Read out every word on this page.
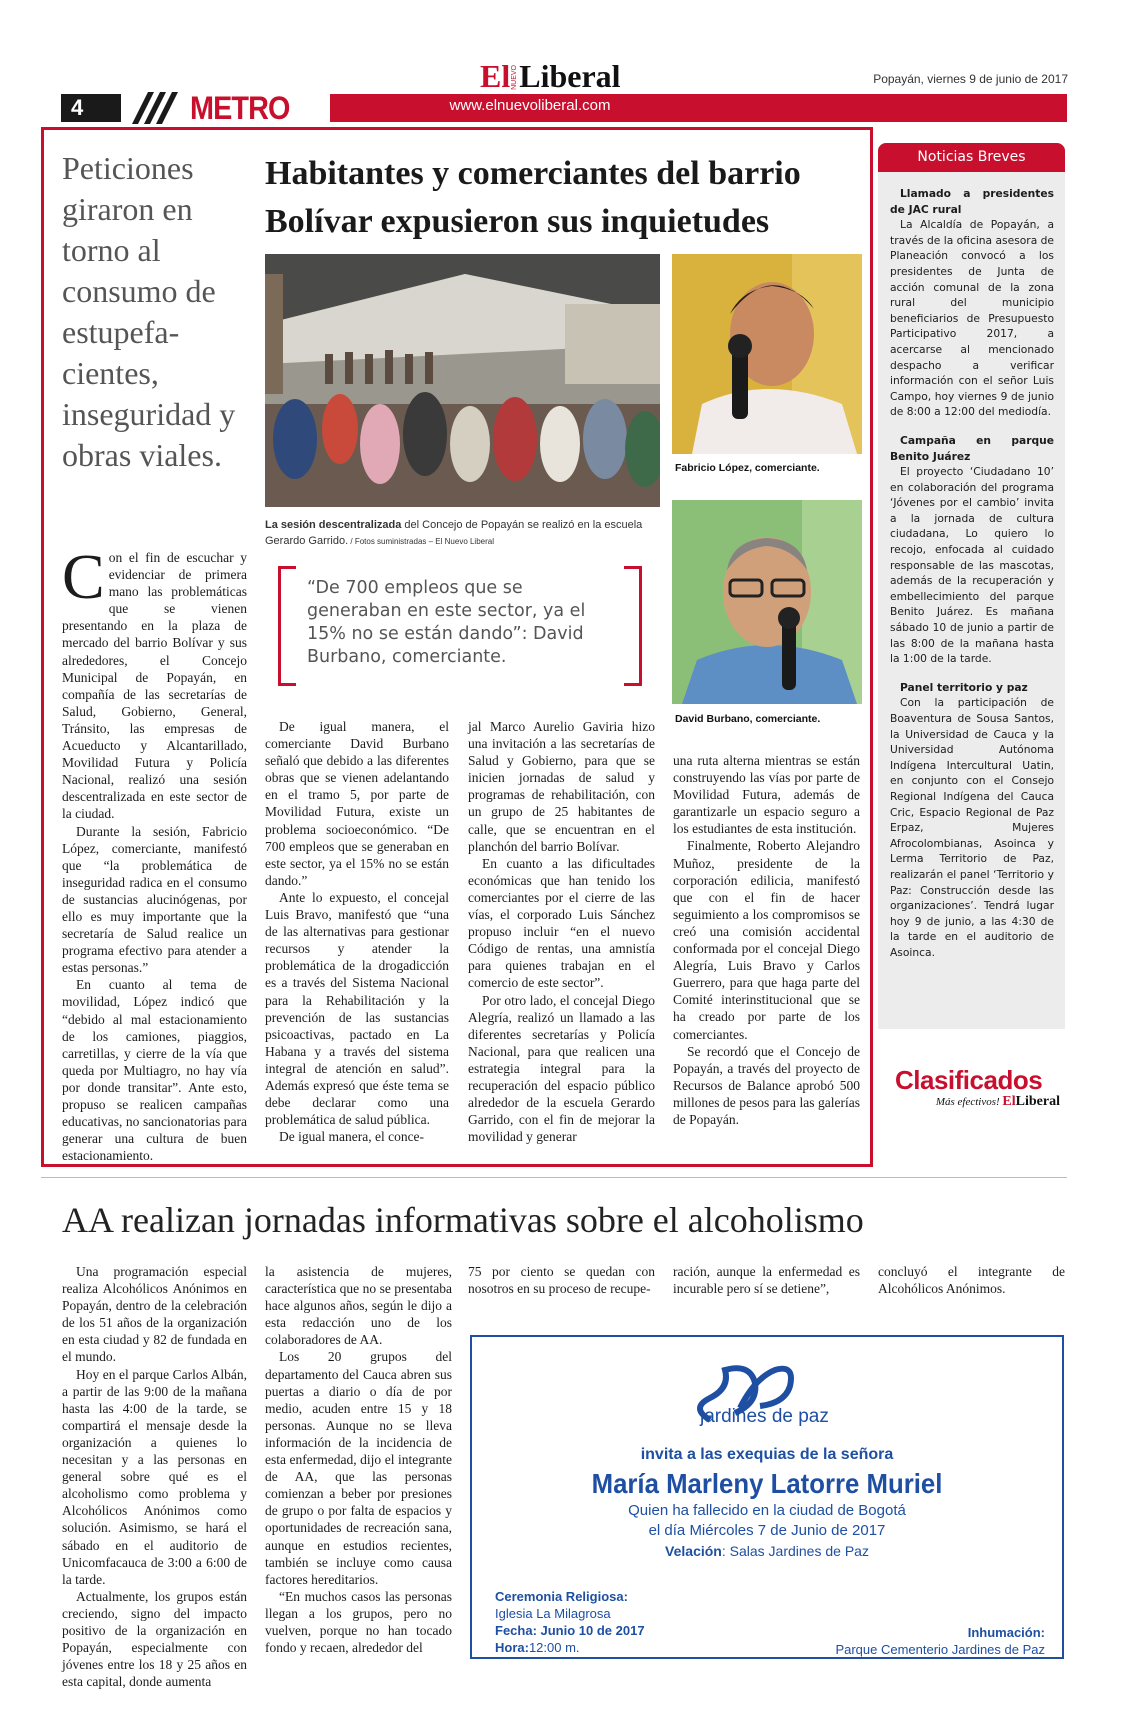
4	METRO	www.elnuevoliberal.com
El NUEVO Liberal	Popayán, viernes 9 de junio de 2017
Peticiones giraron en torno al consumo de estupefa-cientes, inseguridad y obras viales.
Habitantes y comerciantes del barrio Bolívar expusieron sus inquietudes
La sesión descentralizada del Concejo de Popayán se realizó en la escuela Gerardo Garrido. / Fotos suministradas – El Nuevo Liberal
Fabricio López, comerciante.
David Burbano, comerciante.
“De 700 empleos que se generaban en este sector, ya el 15% no se están dando”: David Burbano, comerciante.

Con el fin de escuchar y evidenciar de primera mano las problemáticas que se vienen presentando en la plaza de mercado del barrio Bolívar y sus alrededores, el Concejo Municipal de Popayán, en compañía de las secretarías de Salud, Gobierno, General, Tránsito, las empresas de Acueducto y Alcantarillado, Movilidad Futura y Policía Nacional, realizó una sesión descentralizada en este sector de la ciudad.

Durante la sesión, Fabricio López, comerciante, manifestó que “la problemática de inseguridad radica en el consumo de sustancias alucinógenas, por ello es muy importante que la secretaría de Salud realice un programa efectivo para atender a estas personas.”

En cuanto al tema de movilidad, López indicó que “debido al mal estacionamiento de los camiones, piaggios, carretillas, y cierre de la vía que queda por Multiagro, no hay vía por donde transitar”. Ante esto, propuso se realicen campañas educativas, no sancionatorias para generar una cultura de buen estacionamiento.

De igual manera, el comerciante David Burbano señaló que debido a las diferentes obras que se vienen adelantando en el tramo 5, por parte de Movilidad Futura, existe un problema socioeconómico. “De 700 empleos que se generaban en este sector, ya el 15% no se están dando.”

Ante lo expuesto, el concejal Luis Bravo, manifestó que “una de las alternativas para gestionar recursos y atender la problemática de la drogadicción es a través del Sistema Nacional para la Rehabilitación y la prevención de las sustancias psicoactivas, pactado en La Habana y a través del sistema integral de atención en salud”. Además expresó que éste tema se debe declarar como una problemática de salud pública.

De igual manera, el conce-

jal Marco Aurelio Gaviria hizo una invitación a las secretarías de Salud y Gobierno, para que se inicien jornadas de salud y programas de rehabilitación, con un grupo de 25 habitantes de calle, que se encuentran en el planchón del barrio Bolívar.

En cuanto a las dificultades económicas que han tenido los comerciantes por el cierre de las vías, el corporado Luis Sánchez propuso incluir “en el nuevo Código de rentas, una amnistía para quienes trabajan en el comercio de este sector”.

Por otro lado, el concejal Diego Alegría, realizó un llamado a las diferentes secretarías y Policía Nacional, para que realicen una estrategia integral para la recuperación del espacio público alrededor de la escuela Gerardo Garrido, con el fin de mejorar la movilidad y generar

una ruta alterna mientras se están construyendo las vías por parte de Movilidad Futura, además de garantizarle un espacio seguro a los estudiantes de esta institución.

Finalmente, Roberto Alejandro Muñoz, presidente de la corporación edilicia, manifestó que con el fin de hacer seguimiento a los compromisos se creó una comisión accidental conformada por el concejal Diego Alegría, Luis Bravo y Carlos Guerrero, para que haga parte del Comité interinstitucional que se ha creado por parte de los comerciantes.

Se recordó que el Concejo de Popayán, a través del proyecto de Recursos de Balance aprobó 500 millones de pesos para las galerías de Popayán.

Noticias Breves
Llamado a presidentes de JAC rural
La Alcaldía de Popayán, a través de la oficina asesora de Planeación convocó a los presidentes de Junta de acción comunal de la zona rural del municipio beneficiarios de Presupuesto Participativo 2017, a acercarse al mencionado despacho a verificar información con el señor Luis Campo, hoy viernes 9 de junio de 8:00 a 12:00 del mediodía.
Campaña en parque Benito Juárez
El proyecto ‘Ciudadano 10’ en colaboración del programa ‘Jóvenes por el cambio’ invita a la jornada de cultura ciudadana, Lo quiero lo recojo, enfocada al cuidado responsable de las mascotas, además de la recuperación y embellecimiento del parque Benito Juárez. Es mañana sábado 10 de junio a partir de las 8:00 de la mañana hasta la 1:00 de la tarde.
Panel territorio y paz
Con la participación de Boaventura de Sousa Santos, la Universidad de Cauca y la Universidad Autónoma Indígena Intercultural Uatin, en conjunto con el Consejo Regional Indígena del Cauca Cric, Espacio Regional de Paz Erpaz, Mujeres Afrocolombianas, Asoinca y Lerma Territorio de Paz, realizarán el panel ‘Territorio y Paz: Construcción desde las organizaciones’. Tendrá lugar hoy 9 de junio, a las 4:30 de la tarde en el auditorio de Asoinca.
Clasificados
Más efectivos! ElLiberal
AA realizan jornadas informativas sobre el alcoholismo

Una programación especial realiza Alcohólicos Anónimos en Popayán, dentro de la celebración de los 51 años de la organización en esta ciudad y 82 de fundada en el mundo.

Hoy en el parque Carlos Albán, a partir de las 9:00 de la mañana hasta las 4:00 de la tarde, se compartirá el mensaje desde la organización a quienes lo necesitan y a las personas en general sobre qué es el alcoholismo como problema y Alcohólicos Anónimos como solución. Asimismo, se hará el sábado en el auditorio de Unicomfacauca de 3:00 a 6:00 de la tarde.

Actualmente, los grupos están creciendo, signo del impacto positivo de la organización en Popayán, especialmente con jóvenes entre los 18 y 25 años en esta capital, donde aumenta

la asistencia de mujeres, característica que no se presentaba hace algunos años, según le dijo a esta redacción uno de los colaboradores de AA.

Los 20 grupos del departamento del Cauca abren sus puertas a diario o día de por medio, acuden entre 15 y 18 personas. Aunque no se lleva información de la incidencia de esta enfermedad, dijo el integrante de AA, que las personas comienzan a beber por presiones de grupo o por falta de espacios y oportunidades de recreación sana, aunque en estudios recientes, también se incluye como causa factores hereditarios.

“En muchos casos las personas llegan a los grupos, pero no vuelven, porque no han tocado fondo y recaen, alrededor del

75 por ciento se quedan con nosotros en su proceso de recupe-

ración, aunque la enfermedad es incurable pero sí se detiene”,

concluyó el integrante de Alcohólicos Anónimos.

jardines de paz
invita a las exequias de la señora
María Marleny Latorre Muriel
Quien ha fallecido en la ciudad de Bogotá
el día Miércoles 7 de Junio de 2017
Velación: Salas Jardines de Paz
Ceremonia Religiosa:
Iglesia La Milagrosa
Fecha: Junio 10 de 2017
Hora:12:00 m.
Inhumación:
Parque Cementerio Jardines de Paz
